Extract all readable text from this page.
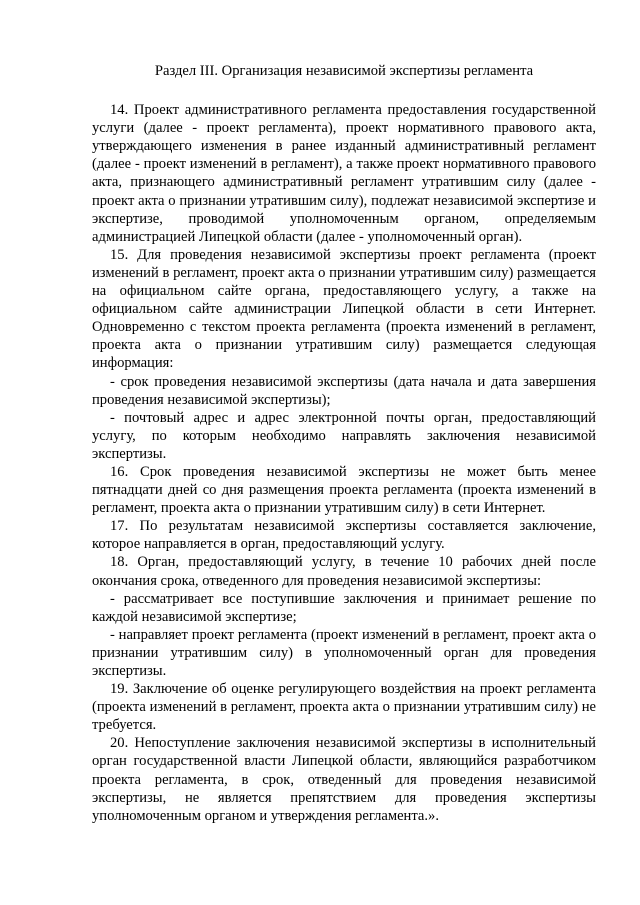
Раздел III. Организация независимой экспертизы регламента

14. Проект административного регламента предоставления государственной услуги (далее - проект регламента), проект нормативного правового акта, утверждающего изменения в ранее изданный административный регламент (далее - проект изменений в регламент), а также проект нормативного правового акта, признающего административный регламент утратившим силу (далее - проект акта о признании утратившим силу), подлежат независимой экспертизе и экспертизе, проводимой уполномоченным органом, определяемым администрацией Липецкой области (далее - уполномоченный орган).

15. Для проведения независимой экспертизы проект регламента (проект изменений в регламент, проект акта о признании утратившим силу) размещается на официальном сайте органа, предоставляющего услугу, а также на официальном сайте администрации Липецкой области в сети Интернет. Одновременно с текстом проекта регламента (проекта изменений в регламент, проекта акта о признании утратившим силу) размещается следующая информация:

- срок проведения независимой экспертизы (дата начала и дата завершения проведения независимой экспертизы);

- почтовый адрес и адрес электронной почты орган, предоставляющий услугу, по которым необходимо направлять заключения независимой экспертизы.

16. Срок проведения независимой экспертизы не может быть менее пятнадцати дней со дня размещения проекта регламента (проекта изменений в регламент, проекта акта о признании утратившим силу) в сети Интернет.

17. По результатам независимой экспертизы составляется заключение, которое направляется в орган, предоставляющий услугу.

18. Орган, предоставляющий услугу, в течение 10 рабочих дней после окончания срока, отведенного для проведения независимой экспертизы:

- рассматривает все поступившие заключения и принимает решение по каждой независимой экспертизе;

- направляет проект регламента (проект изменений в регламент, проект акта о признании утратившим силу) в уполномоченный орган для проведения экспертизы.

19. Заключение об оценке регулирующего воздействия на проект регламента (проекта изменений в регламент, проекта акта о признании утратившим силу) не требуется.

20. Непоступление заключения независимой экспертизы в исполнительный орган государственной власти Липецкой области, являющийся разработчиком проекта регламента, в срок, отведенный для проведения независимой экспертизы, не является препятствием для проведения экспертизы уполномоченным органом и утверждения регламента.».
